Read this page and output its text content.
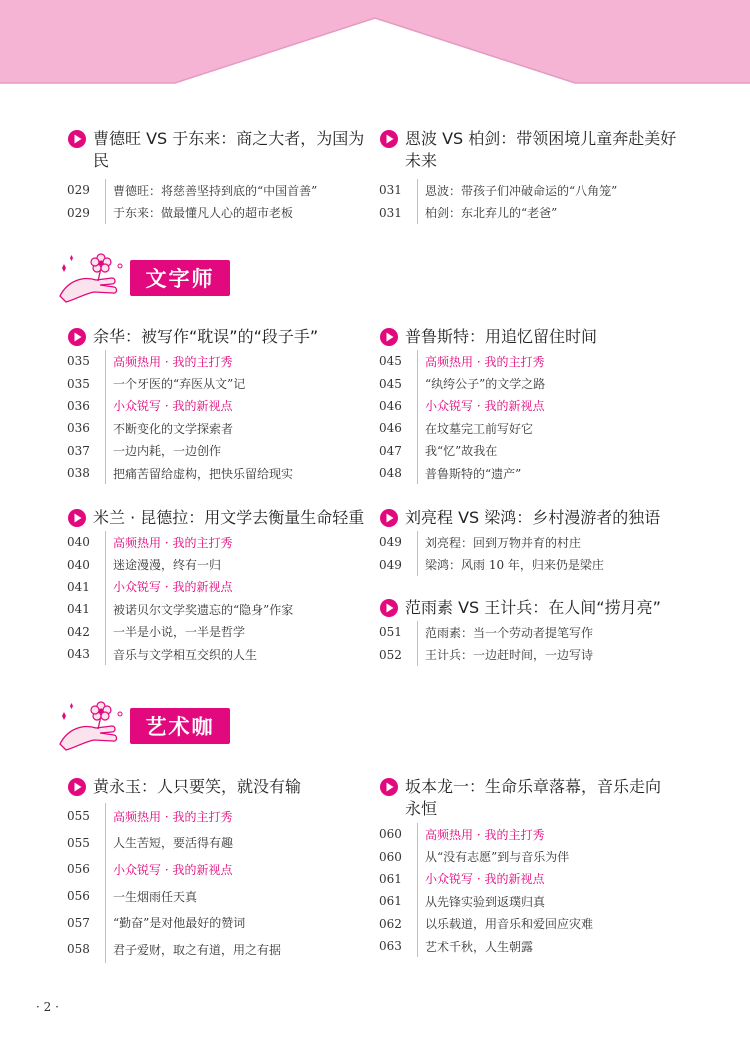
曹德旺 VS 于东来：商之大者，为国为民
029	曹德旺：将慈善坚持到底的“中国首善”
029	于东来：做最懂凡人心的超市老板
恩波 VS 柏剑：带领困境儿童奔赴美好未来
031	恩波：带孩子们冲破命运的“八角笼”
031	柏剑：东北弃儿的“老爸”
文字师
余华：被写作“耽误”的“段子手”
035	高频热用 · 我的主打秀
035	一个牙医的“弃医从文”记
036	小众锐写 · 我的新视点
036	不断变化的文学探索者
037	一边内耗，一边创作
038	把痛苦留给虚构，把快乐留给现实
普鲁斯特：用追忆留住时间
045	高频热用 · 我的主打秀
045	“纨绔公子”的文学之路
046	小众锐写 · 我的新视点
046	在坟墓完工前写好它
047	我“忆”故我在
048	普鲁斯特的“遗产”
米兰 · 昆德拉：用文学去衡量生命轻重
040	高频热用 · 我的主打秀
040	迷途漫漫，终有一归
041	小众锐写 · 我的新视点
041	被诺贝尔文学奖遗忘的“隐身”作家
042	一半是小说，一半是哲学
043	音乐与文学相互交织的人生
刘亮程 VS 梁鸿：乡村漫游者的独语
049	刘亮程：回到万物并育的村庄
049	梁鸿：风雨 10 年，归来仍是梁庄
范雨素 VS 王计兵：在人间“捞月亮”
051	范雨素：当一个劳动者提笔写作
052	王计兵：一边赶时间，一边写诗
艺术咖
黄永玉：人只要笑，就没有输
055	高频热用 · 我的主打秀
055	人生苦短，要活得有趣
056	小众锐写 · 我的新视点
056	一生烟雨任天真
057	“勤奋”是对他最好的赞词
058	君子爱财，取之有道，用之有据
坂本龙一：生命乐章落幕，音乐走向永恒
060	高频热用 · 我的主打秀
060	从“没有志愿”到与音乐为伴
061	小众锐写 · 我的新视点
061	从先锋实验到返璞归真
062	以乐载道，用音乐和爱回应灾难
063	艺术千秋，人生朝露
· 2 ·
